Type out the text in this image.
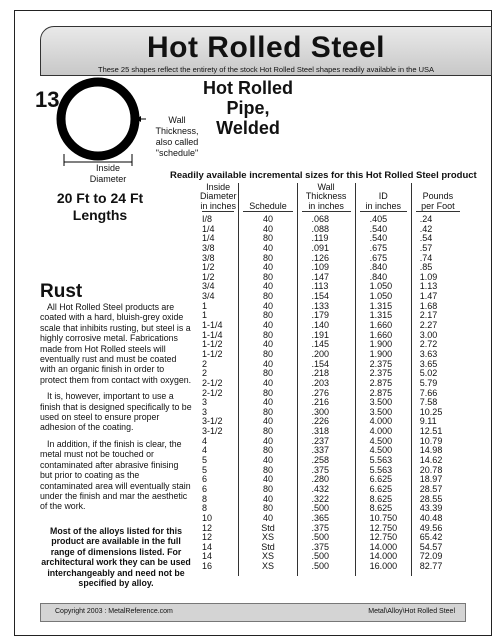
Hot Rolled Steel
These 25 shapes reflect the entirety of the stock Hot Rolled Steel shapes readily available in the USA
13
Wall
Thickness,
also called
"schedule"
Inside
Diameter
Hot Rolled
Pipe,
Welded
20 Ft to 24 Ft
Lengths
Readily available incremental sizes for this Hot Rolled Steel product
Inside
Diameter
in inches
I/8
1/4
1/4
3/8
3/8
1/2
1/2
3/4
3/4
1
1
1-1/4
1-1/4
1-1/2
1-1/2
2
2
2-1/2
2-1/2
3
3
3-1/2
3-1/2
4
4
5
5
6
6
8
8
10
12
12
14
14
16
Schedule
40
40
80
40
80
40
80
40
80
40
80
40
80
40
80
40
80
40
80
40
80
40
80
40
80
40
80
40
80
40
80
40
Std
XS
Std
XS
XS
Wall
Thickness
in inches
.068
.088
.119
.091
.126
.109
.147
.113
.154
.133
.179
.140
.191
.145
.200
.154
.218
.203
.276
.216
.300
.226
.318
.237
.337
.258
.375
.280
.432
.322
.500
.365
.375
.500
.375
.500
.500
ID
in inches
.405
.540
.540
.675
.675
.840
.840
1.050
1.050
1.315
1.315
1.660
1.660
1.900
1.900
2.375
2.375
2.875
2.875
3.500
3.500
4.000
4.000
4.500
4.500
5.563
5.563
6.625
6.625
8.625
8.625
10.750
12.750
12.750
14.000
14.000
16.000
Pounds
per Foot
.24
.42
.54
.57
.74
.85
1.09
1.13
1.47
1.68
2.17
2.27
3.00
2.72
3.63
3.65
5.02
5.79
7.66
7.58
10.25
9.11
12.51
10.79
14.98
14.62
20.78
18.97
28.57
28.55
43.39
40.48
49.56
65.42
54.57
72.09
82.77
Rust

All Hot Rolled Steel products are coated with a hard, bluish-grey oxide scale that inhibits rusting, but steel is a highly corrosive metal. Fabrications made from Hot Rolled steels will eventually rust and must be coated with an organic finish in order to protect them from contact with oxygen.

It is, however, important to use a finish that is designed specifically to be used on steel to ensure proper adhesion of the coating.

In addition, if the finish is clear, the metal must not be touched or contaminated after abrasive finising but prior to coating as the contaminated area will eventually stain under the finish and mar the aesthetic of the work.

Most of the alloys listed for this product are available in the full range of dimensions listed. For architectural work they can be used interchangeably and need not be specified by alloy.
Copyright 2003 : MetalReference.com	Metal\Alloy\Hot Rolled Steel
